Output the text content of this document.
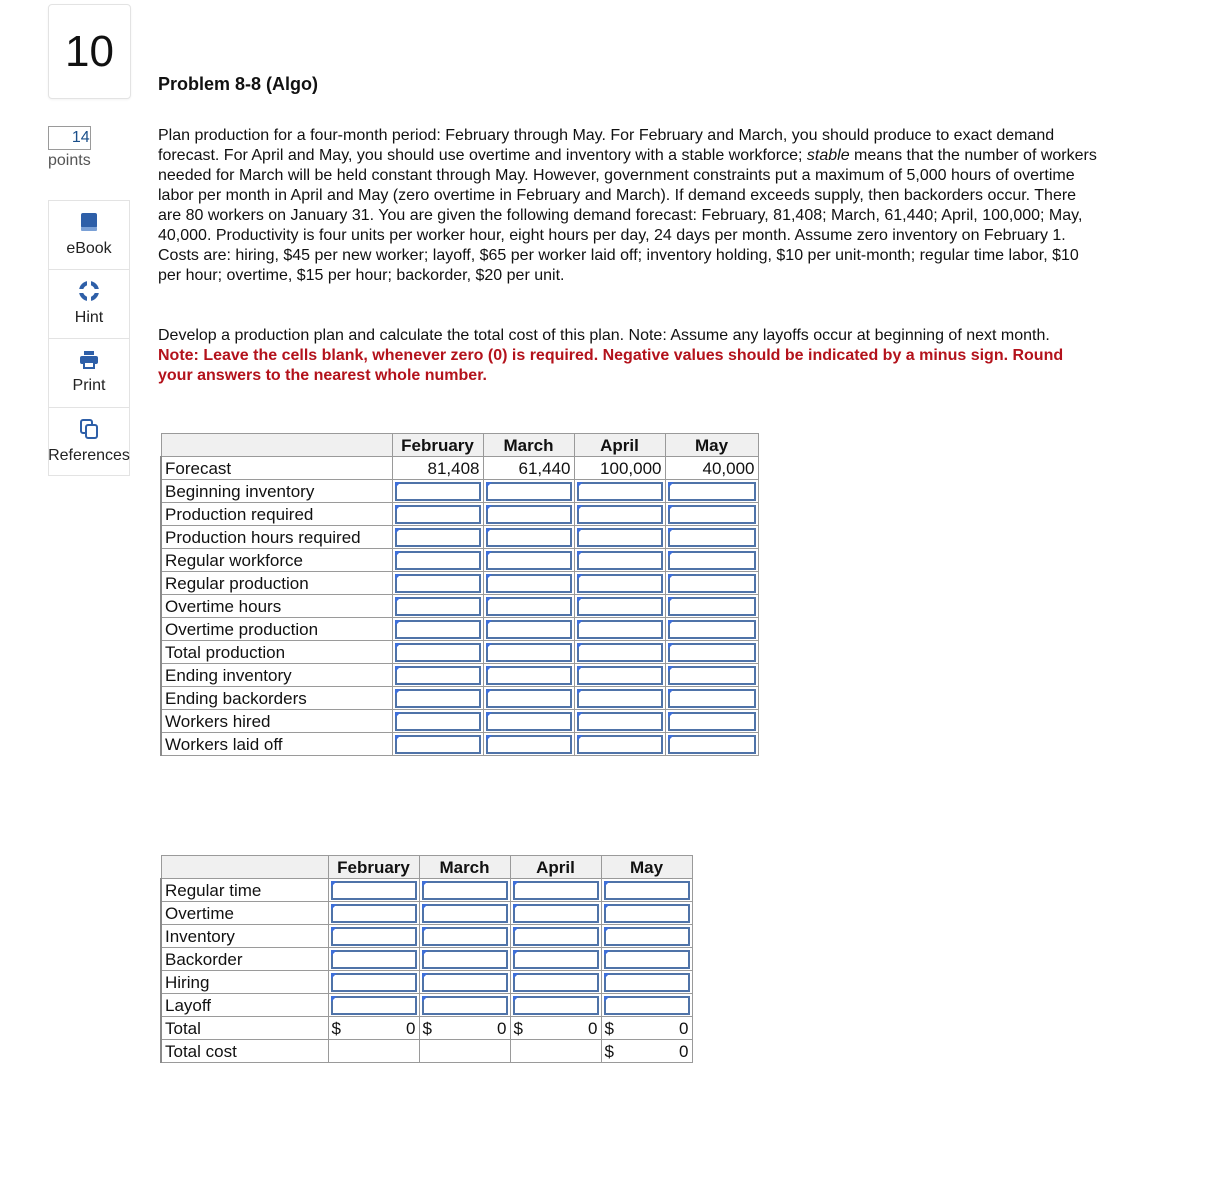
10
14
points
eBook
Hint
Print
References
Problem 8-8 (Algo)
Plan production for a four-month period: February through May. For February and March, you should produce to exact demand forecast. For April and May, you should use overtime and inventory with a stable workforce; stable means that the number of workers needed for March will be held constant through May. However, government constraints put a maximum of 5,000 hours of overtime labor per month in April and May (zero overtime in February and March). If demand exceeds supply, then backorders occur. There are 80 workers on January 31. You are given the following demand forecast: February, 81,408; March, 61,440; April, 100,000; May, 40,000. Productivity is four units per worker hour, eight hours per day, 24 days per month. Assume zero inventory on February 1. Costs are: hiring, $45 per new worker; layoff, $65 per worker laid off; inventory holding, $10 per unit-month; regular time labor, $10 per hour; overtime, $15 per hour; backorder, $20 per unit.
Develop a production plan and calculate the total cost of this plan. Note: Assume any layoffs occur at beginning of next month.
Note: Leave the cells blank, whenever zero (0) is required. Negative values should be indicated by a minus sign. Round your answers to the nearest whole number.
	February	March	April	May
Forecast	81,408	61,440	100,000	40,000
Beginning inventory	

Production required	

Production hours required	

Regular workforce	

Regular production	

Overtime hours	

Overtime production	

Total production	

Ending inventory	

Ending backorders	

Workers hired	

Workers laid off	

	February	March	April	May
Regular time	

Overtime	

Inventory	

Backorder	

Hiring	

Layoff	

Total	$ 0	$ 0	$ 0	$ 0

Total cost				$ 0
